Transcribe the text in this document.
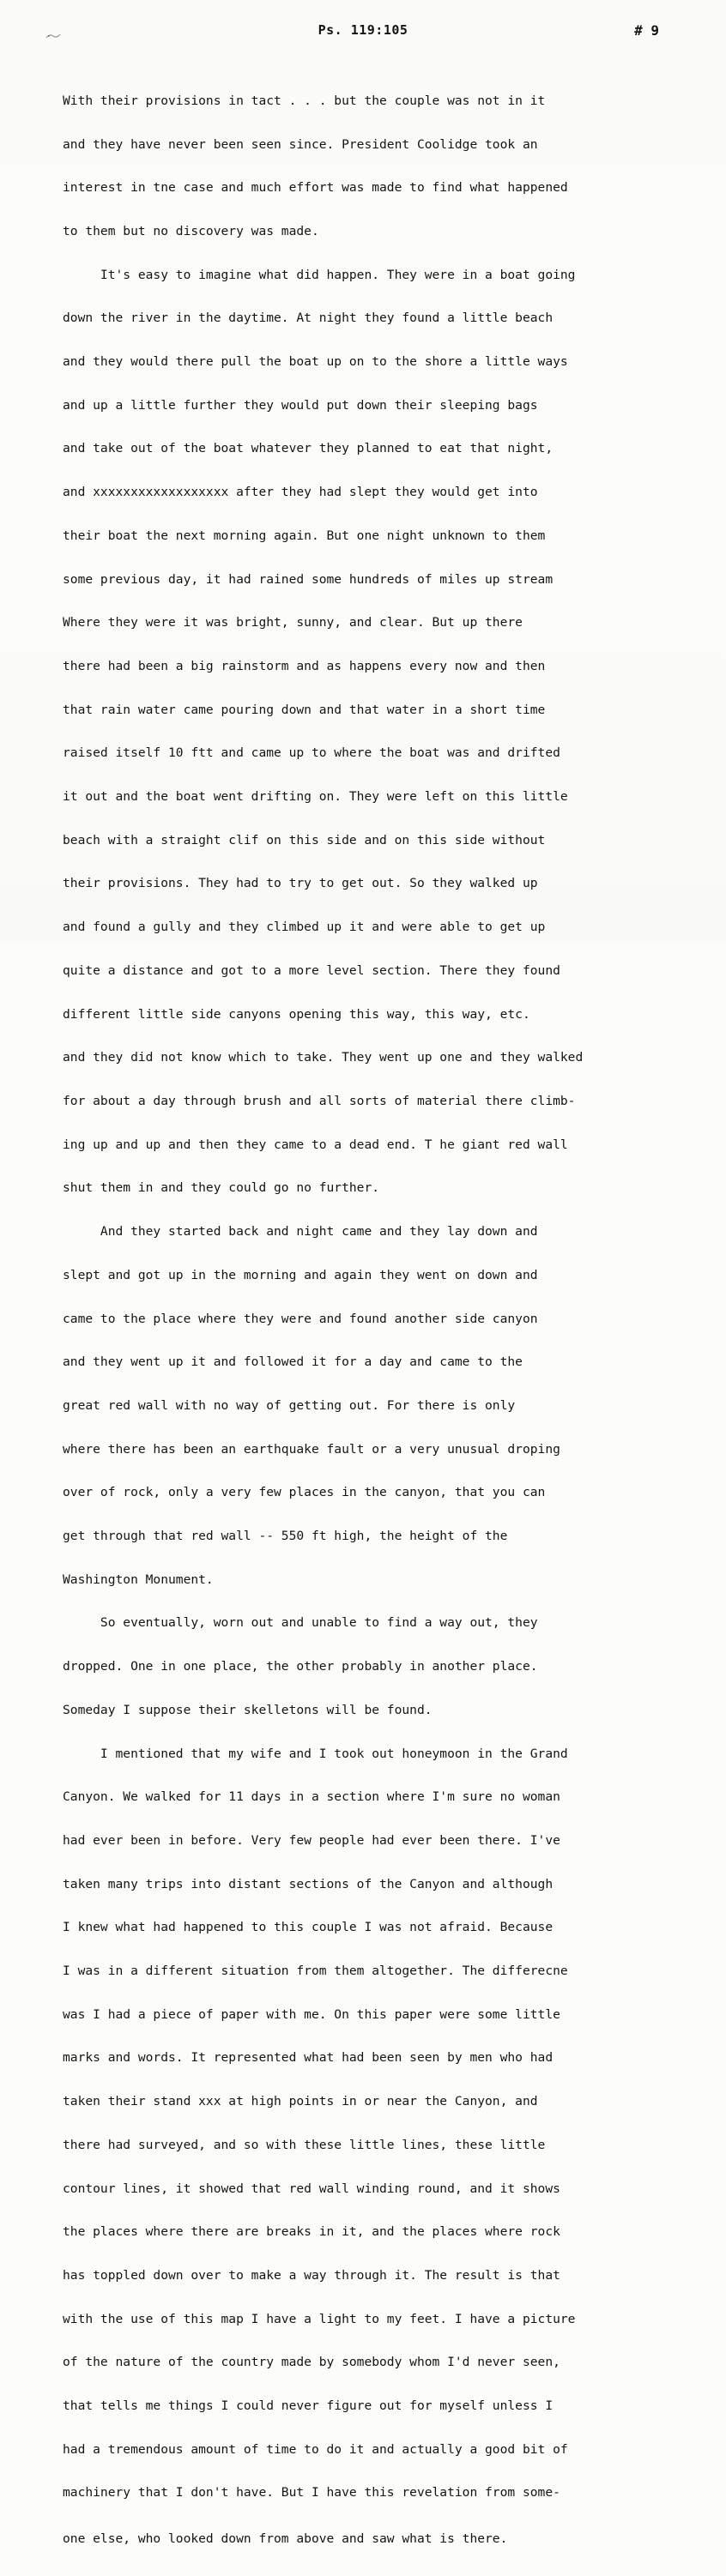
Ps. 119:105	# 9

With their provisions in tact . . . but the couple was not in it

and they have never been seen since. President Coolidge took an

interest in tne case and much effort was made to find what happened

to them but no discovery was made.

It's easy to imagine what did happen. They were in a boat going

down the river in the daytime. At night they found a little beach

and they would there pull the boat up on to the shore a little ways

and up a little further they would put down their sleeping bags

and take out of the boat whatever they planned to eat that night,

and xxxxxxxxxxxxxxxxxx after they had slept they would get into

their boat the next morning again. But one night unknown to them

some previous day, it had rained some hundreds of miles up stream

Where they were it was bright, sunny, and clear. But up there

there had been a big rainstorm and as happens every now and then

that rain water came pouring down and that water in a short time

raised itself 10 ftt and came up to where the boat was and drifted

it out and the boat went drifting on. They were left on this little

beach with a straight clif on this side and on this side without

their provisions. They had to try to get out. So they walked up

and found a gully and they climbed up it and were able to get up

quite a distance and got to a more level section. There they found

different little side canyons opening this way, this way, etc.

and they did not know which to take. They went up one and they walked

for about a day through brush and all sorts of material there climb-

ing up and up and then they came to a dead end. T he giant red wall

shut them in and they could go no further.

And they started back and night came and they lay down and

slept and got up in the morning and again they went on down and

came to the place where they were and found another side canyon

and they went up it and followed it for a day and came to the

great red wall with no way of getting out. For there is only

where there has been an earthquake fault or a very unusual droping

over of rock, only a very few places in the canyon, that you can

get through that red wall -- 550 ft high, the height of the

Washington Monument.

So eventually, worn out and unable to find a way out, they

dropped. One in one place, the other probably in another place.

Someday I suppose their skelletons will be found.

I mentioned that my wife and I took out honeymoon in the Grand

Canyon. We walked for 11 days in a section where I'm sure no woman

had ever been in before. Very few people had ever been there. I've

taken many trips into distant sections of the Canyon and although

I knew what had happened to this couple I was not afraid. Because

I was in a different situation from them altogether. The differecne

was I had a piece of paper with me. On this paper were some little

marks and words. It represented what had been seen by men who had

taken their stand xxx at high points in or near the Canyon, and

there had surveyed, and so with these little lines, these little

contour lines, it showed that red wall winding round, and it shows

the places where there are breaks in it, and the places where rock

has toppled down over to make a way through it. The result is that

with the use of this map I have a light to my feet. I have a picture

of the nature of the country made by somebody whom I'd never seen,

that tells me things I could never figure out for myself unless I

had a tremendous amount of time to do it and actually a good bit of

machinery that I don't have. But I have this revelation from some-

one else, who looked down from above and saw what is there.
